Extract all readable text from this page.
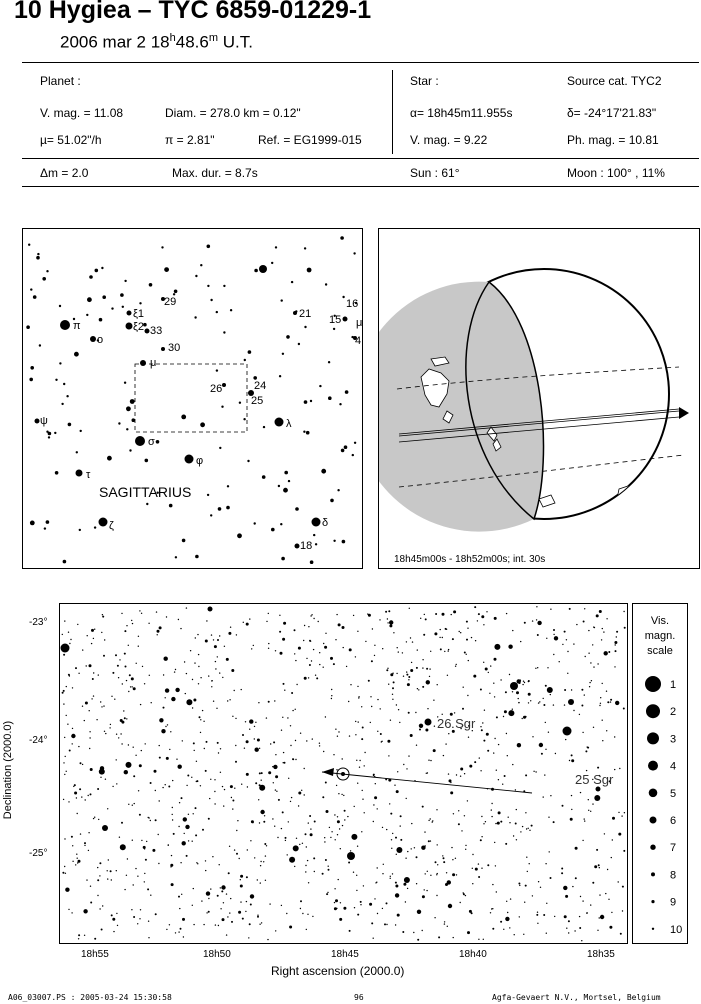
10 Hygiea – TYC 6859-01229-1
2006 mar 2 18$^h$48.6$^m$ U.T.
Planet :
V. mag. = 11.08	Diam. = 278.0 km = 0.12"
µ= 51.02"/h	π = 2.81"	Ref. = EG1999-015
Star :	Source cat. TYC2
α= 18h45m11.955s	δ= -24°17'21.83"
V. mag. = 9.22	Ph. mag. = 10.81
Δm = 2.0	Max. dur. = 8.7s	Sun : 61°	Moon : 100° , 11%
π
o
ξ1
ξ2 33
29
30
μ
26	24
25
21
16
15
4
μ
λ
σ
φ
ψ
τ
ζ	δ
18
SAGITTARIUS
18h45m00s - 18h52m00s; int. 30s
26 Sgr
25 Sgr
-23°
-24°
-25°
18h55	18h50	18h45	18h40	18h35
Right ascension (2000.0)
Declination (2000.0)
Vis.
magn.
scale
1
2
3
4
5
6
7
8
9
10
A06_03007.PS : 2005-03-24 15:30:58	96	Agfa-Gevaert N.V., Mortsel, Belgium
